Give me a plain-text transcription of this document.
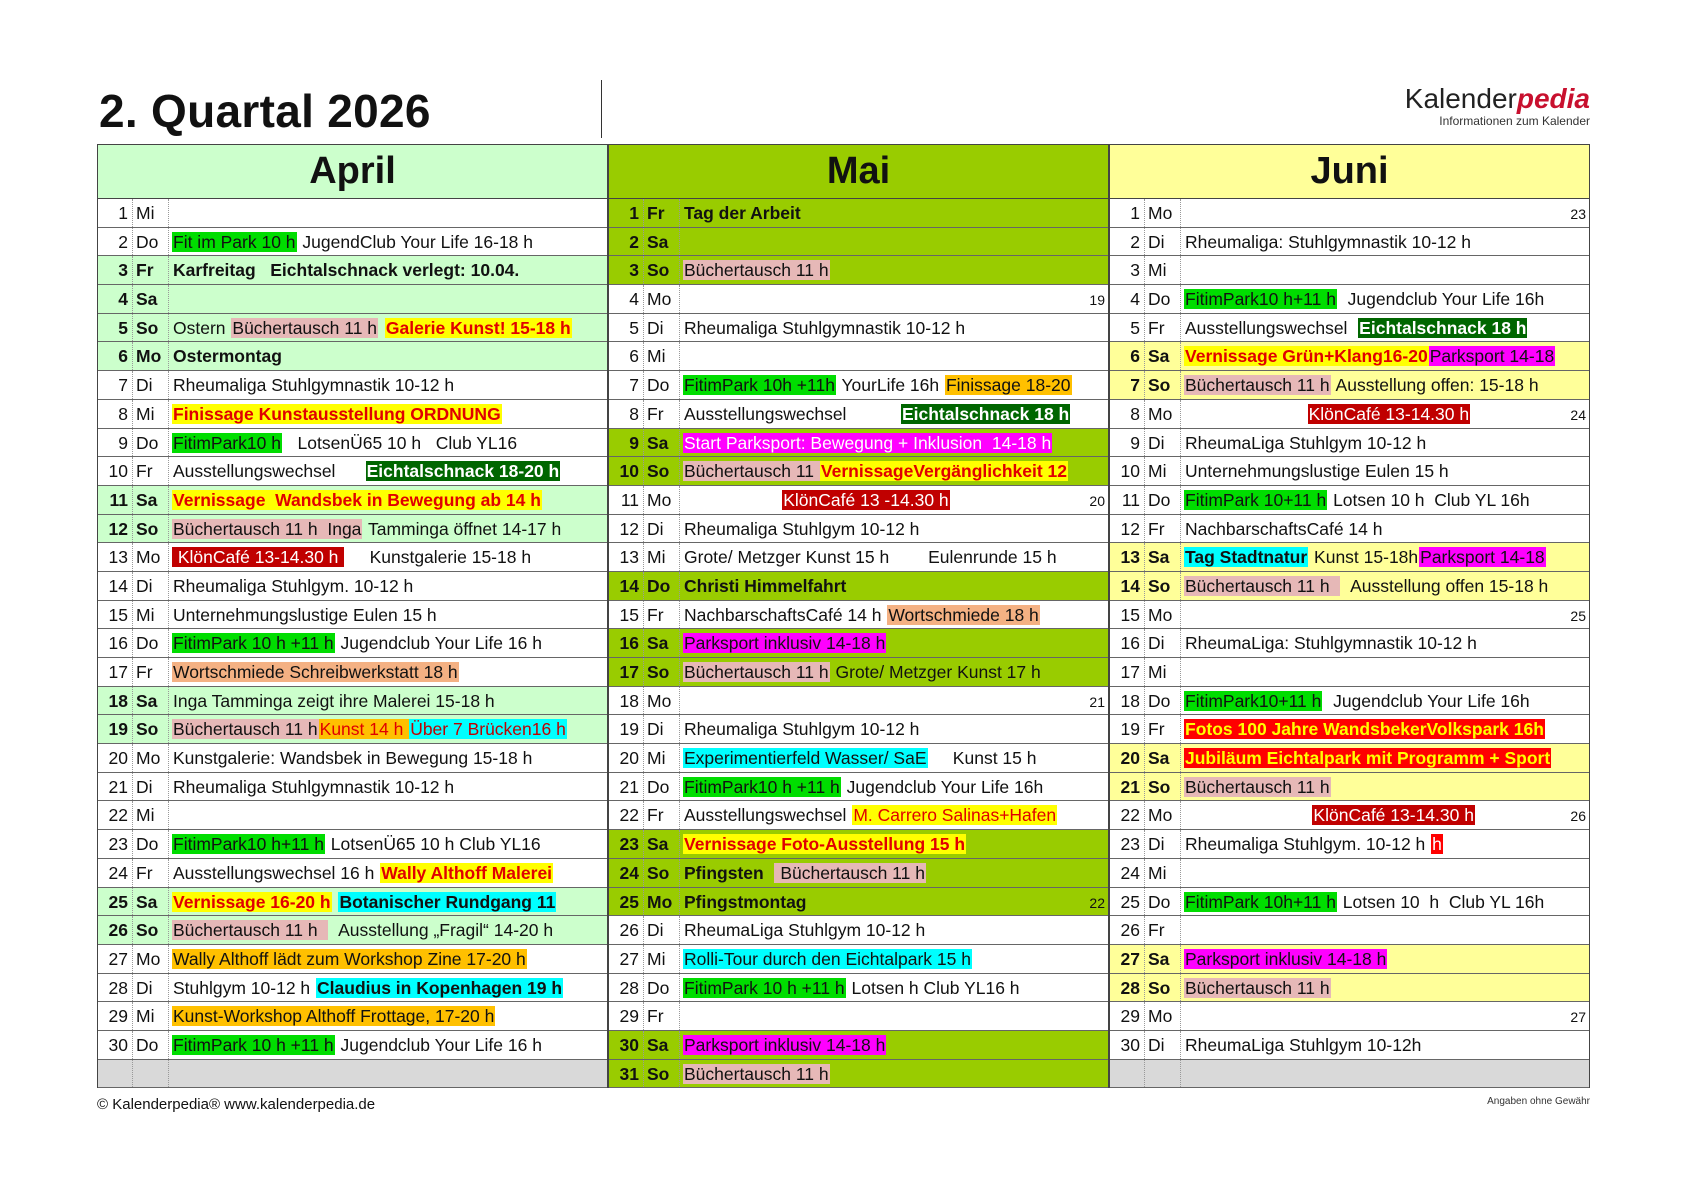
2. Quartal 2026	Kalenderpedia
Informationen zum Kalender
April
1 Mi
2 Do Fit im Park 10 h JugendClub Your Life 16-18 h
3 Fr	Karfreitag   Eichtalschnack verlegt: 10.04.
4 Sa
5 So Ostern Büchertausch 11 h Galerie Kunst! 15-18 h
6 Mo Ostermontag
7 Di	Rheumaliga Stuhlgymnastik 10-12 h
8 Mi	Finissage Kunstausstellung ORDNUNG
9 Do FitimPark10 h   LotsenÜ65 10 h   Club YL16
10 Fr	Ausstellungswechsel      Eichtalschnack 18-20 h
11 Sa Vernissage  Wandsbek in Bewegung ab 14 h
12 So Büchertausch 11 h  Inga Tamminga öffnet 14-17 h
13 Mo KlönCafé 13-14.30 h      Kunstgalerie 15-18 h
14 Di	Rheumaliga Stuhlgym. 10-12 h
15 Mi	Unternehmungslustige Eulen 15 h
16 Do FitimPark 10 h +11 h Jugendclub Your Life 16 h
17 Fr	Wortschmiede Schreibwerkstatt 18 h
18 Sa Inga Tamminga zeigt ihre Malerei 15-18 h
19 So Büchertausch 11 h Kunst 14 h Über 7 Brücken16 h
20 Mo Kunstgalerie: Wandsbek in Bewegung 15-18 h
21 Di	Rheumaliga Stuhlgymnastik 10-12 h
22 Mi
23 Do FitimPark10 h+11 h LotsenÜ65 10 h Club YL16
24 Fr	Ausstellungswechsel 16 h Wally Althoff Malerei
25 Sa Vernissage 16-20 h Botanischer Rundgang 11
26 So Büchertausch 11 h    Ausstellung „Fragil“ 14-20 h
27 Mo Wally Althoff lädt zum Workshop Zine 17-20 h
28 Di	Stuhlgym 10-12 h Claudius in Kopenhagen 19 h
29 Mi	Kunst-Workshop Althoff Frottage, 17-20 h
30 Do FitimPark 10 h +11 h Jugendclub Your Life 16 h
Mai
1 Fr	Tag der Arbeit
2 Sa
3 So Büchertausch 11 h
4 Mo	19
5 Di	Rheumaliga Stuhlgymnastik 10-12 h
6 Mi
7 Do FitimPark 10h +11h YourLife 16h Finissage 18-20
8 Fr	Ausstellungswechsel           Eichtalschnack 18 h
9 Sa Start Parksport: Bewegung + Inklusion  14-18 h
10 So Büchertausch 11 VernissageVergänglichkeit 12
11 Mo	KlönCafé 13 -14.30 h	20
12 Di	Rheumaliga Stuhlgym 10-12 h
13 Mi	Grote/ Metzger Kunst 15 h        Eulenrunde 15 h
14 Do Christi Himmelfahrt
15 Fr	NachbarschaftsCafé 14 h Wortschmiede 18 h
16 Sa Parksport inklusiv 14-18 h
17 So Büchertausch 11 h Grote/ Metzger Kunst 17 h
18 Mo	21
19 Di	Rheumaliga Stuhlgym 10-12 h
20 Mi	Experimentierfeld Wasser/ SaE     Kunst 15 h
21 Do FitimPark10 h +11 h Jugendclub Your Life 16h
22 Fr	Ausstellungswechsel M. Carrero Salinas+Hafen
23 Sa Vernissage Foto-Ausstellung 15 h
24 So Pfingsten   Büchertausch 11 h
25 Mo Pfingstmontag	22
26 Di	RheumaLiga Stuhlgym 10-12 h
27 Mi	Rolli-Tour durch den Eichtalpark 15 h
28 Do FitimPark 10 h +11 h Lotsen h Club YL16 h
29 Fr
30 Sa Parksport inklusiv 14-18 h
31 So Büchertausch 11 h
Juni
1 Mo	23
2 Di	Rheumaliga: Stuhlgymnastik 10-12 h
3 Mi
4 Do FitimPark10 h+11 h  Jugendclub Your Life 16h
5 Fr	Ausstellungswechsel  Eichtalschnack 18 h
6 Sa Vernissage Grün+Klang16-20 Parksport 14-18
7 So Büchertausch 11 h Ausstellung offen: 15-18 h
8 Mo	KlönCafé 13-14.30 h	24
9 Di	RheumaLiga Stuhlgym 10-12 h
10 Mi	Unternehmungslustige Eulen 15 h
11 Do FitimPark 10+11 h Lotsen 10 h  Club YL 16h
12 Fr	NachbarschaftsCafé 14 h
13 Sa Tag Stadtnatur Kunst 15-18h Parksport 14-18
14 So Büchertausch 11 h    Ausstellung offen 15-18 h
15 Mo	25
16 Di	RheumaLiga: Stuhlgymnastik 10-12 h
17 Mi
18 Do FitimPark10+11 h  Jugendclub Your Life 16h
19 Fr	Fotos 100 Jahre WandsbekerVolkspark 16h
20 Sa Jubiläum Eichtalpark mit Programm + Sport
21 So Büchertausch 11 h
22 Mo	KlönCafé 13-14.30 h	26
23 Di	Rheumaliga Stuhlgym. 10-12 h h
24 Mi
25 Do FitimPark 10h+11 h Lotsen 10  h  Club YL 16h
26 Fr
27 Sa Parksport inklusiv 14-18 h
28 So Büchertausch 11 h
29 Mo	27
30 Di	RheumaLiga Stuhlgym 10-12h
© Kalenderpedia® www.kalenderpedia.de	Angaben ohne Gewähr
